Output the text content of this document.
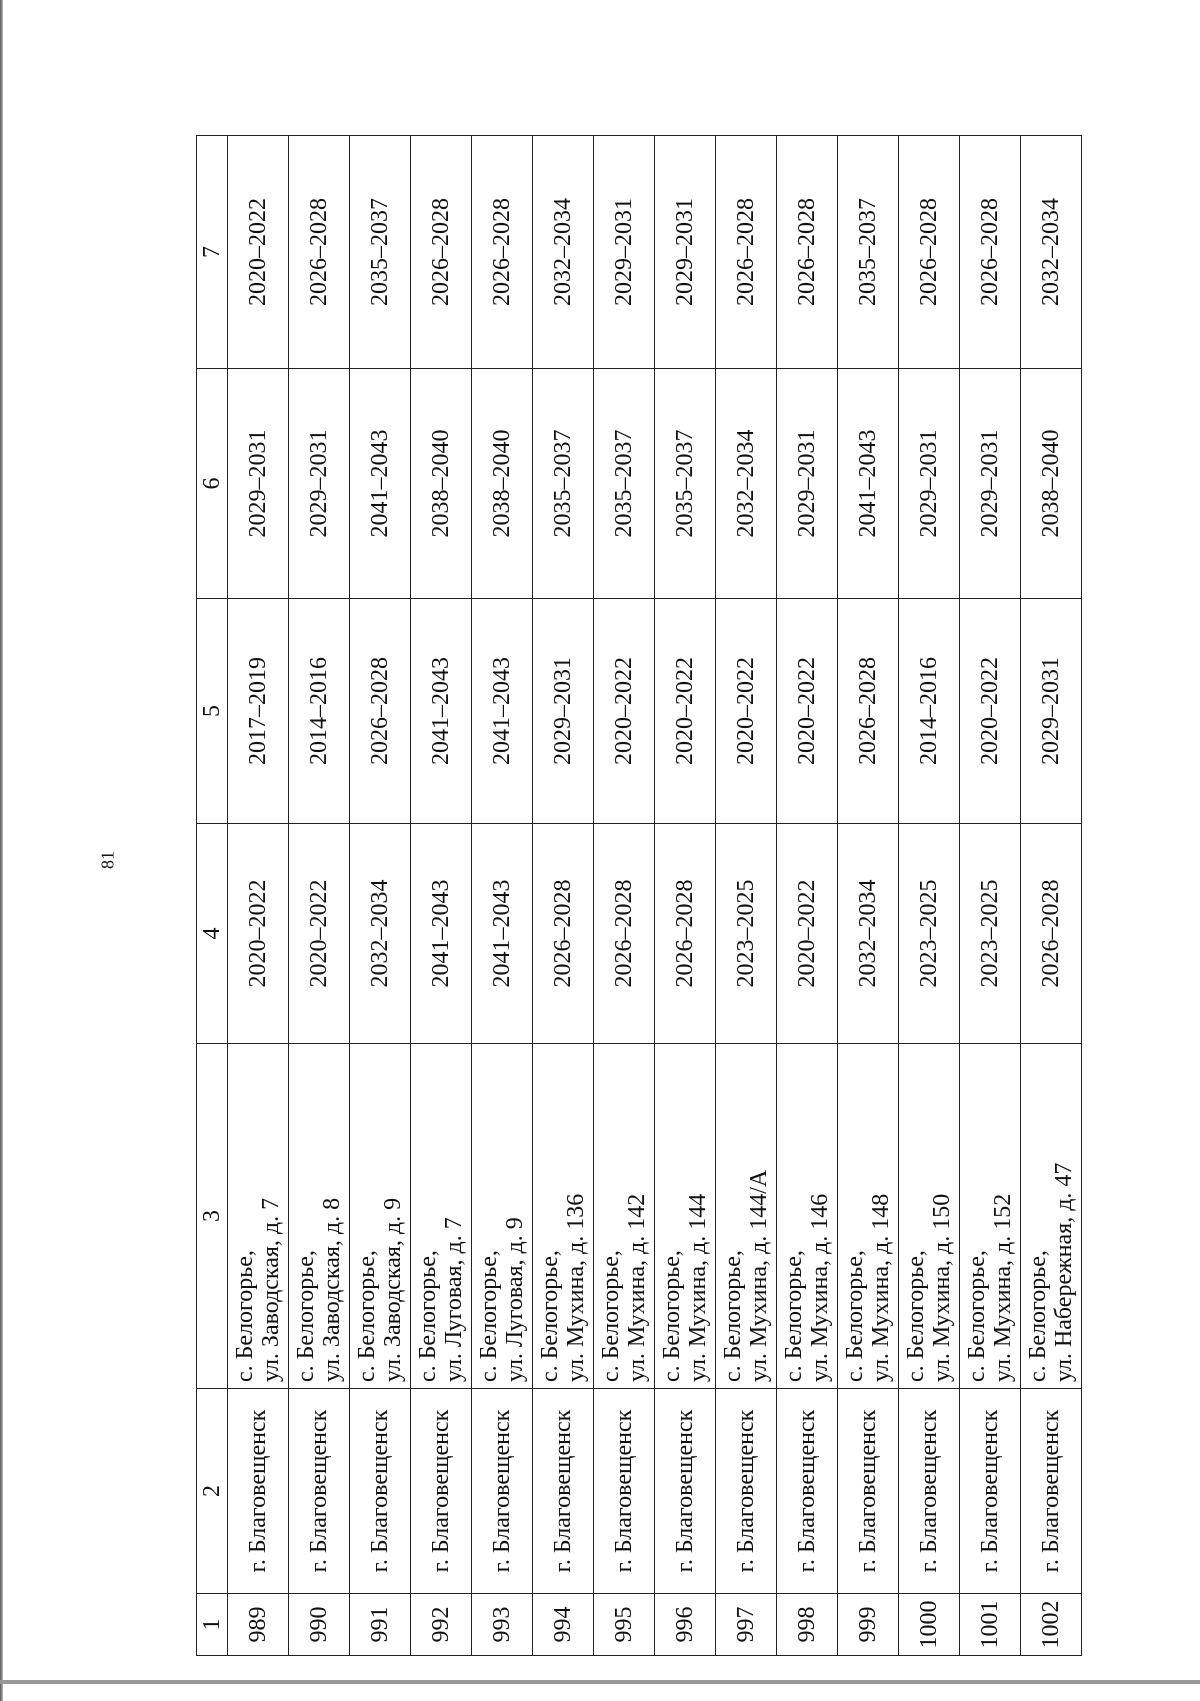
81
1	2	3	4	5	6	7
989	г. Благовещенск	с. Белогорье, ул. Заводская, д. 7	2020–2022	2017–2019	2029–2031	2020–2022
990	г. Благовещенск	с. Белогорье, ул. Заводская, д. 8	2020–2022	2014–2016	2029–2031	2026–2028
991	г. Благовещенск	с. Белогорье, ул. Заводская, д. 9	2032–2034	2026–2028	2041–2043	2035–2037
992	г. Благовещенск	с. Белогорье, ул. Луговая, д. 7	2041–2043	2041–2043	2038–2040	2026–2028
993	г. Благовещенск	с. Белогорье, ул. Луговая, д. 9	2041–2043	2041–2043	2038–2040	2026–2028
994	г. Благовещенск	с. Белогорье, ул. Мухина, д. 136	2026–2028	2029–2031	2035–2037	2032–2034
995	г. Благовещенск	с. Белогорье, ул. Мухина, д. 142	2026–2028	2020–2022	2035–2037	2029–2031
996	г. Благовещенск	с. Белогорье, ул. Мухина, д. 144	2026–2028	2020–2022	2035–2037	2029–2031
997	г. Благовещенск	с. Белогорье, ул. Мухина, д. 144/А	2023–2025	2020–2022	2032–2034	2026–2028
998	г. Благовещенск	с. Белогорье, ул. Мухина, д. 146	2020–2022	2020–2022	2029–2031	2026–2028
999	г. Благовещенск	с. Белогорье, ул. Мухина, д. 148	2032–2034	2026–2028	2041–2043	2035–2037
1000	г. Благовещенск	с. Белогорье, ул. Мухина, д. 150	2023–2025	2014–2016	2029–2031	2026–2028
1001	г. Благовещенск	с. Белогорье, ул. Мухина, д. 152	2023–2025	2020–2022	2029–2031	2026–2028
1002	г. Благовещенск	с. Белогорье, ул. Набережная, д. 47	2026–2028	2029–2031	2038–2040	2032–2034
